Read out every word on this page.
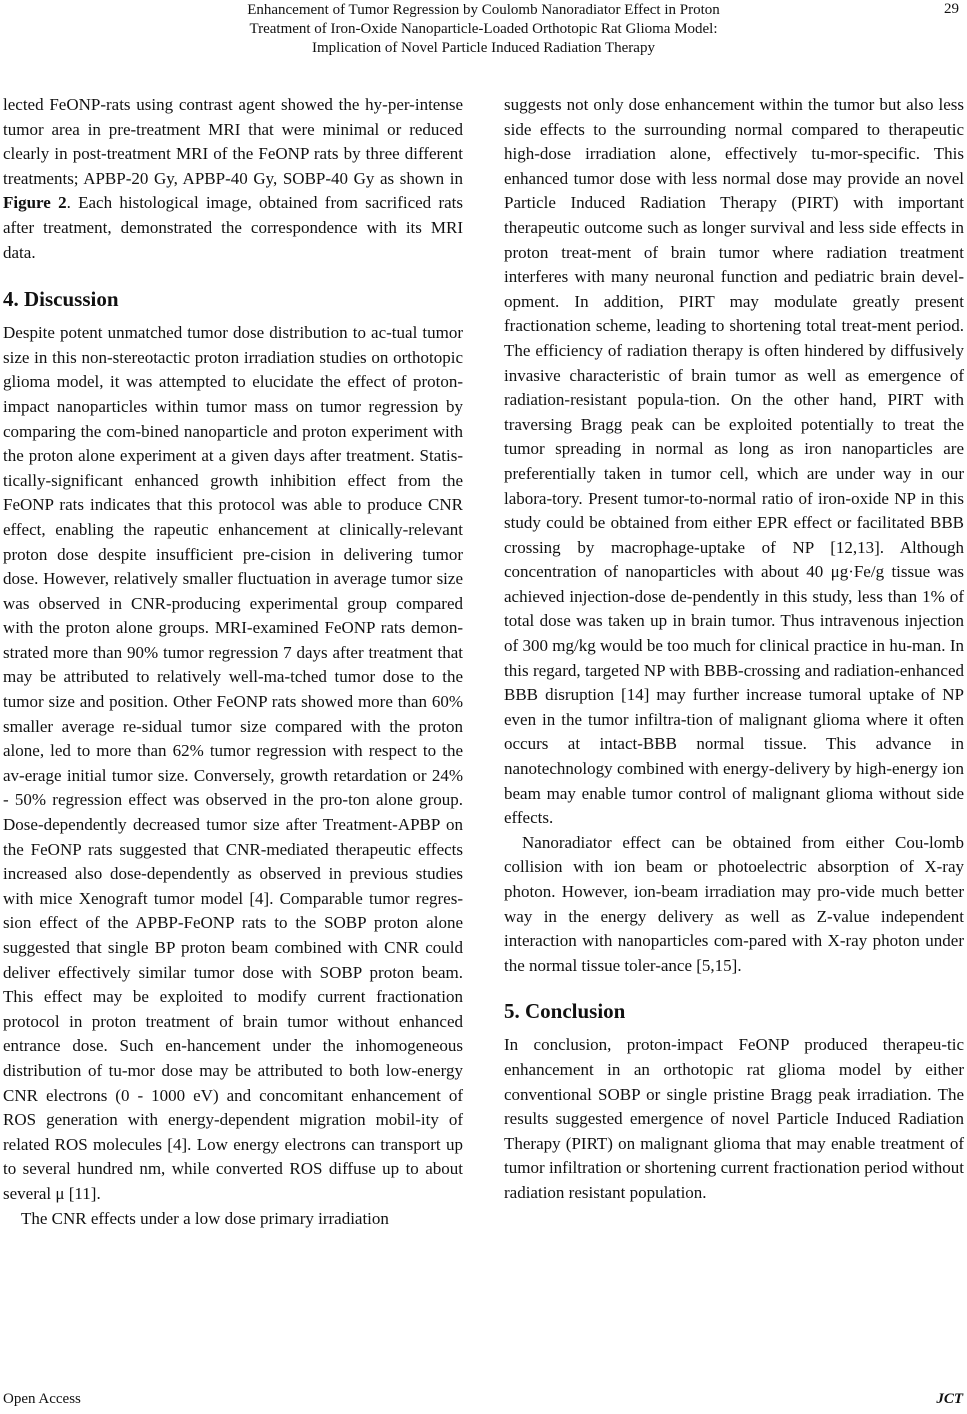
Enhancement of Tumor Regression by Coulomb Nanoradiator Effect in Proton
Treatment of Iron-Oxide Nanoparticle-Loaded Orthotopic Rat Glioma Model:
Implication of Novel Particle Induced Radiation Therapy
29

lected FeONP-rats using contrast agent showed the hy-per-intense tumor area in pre-treatment MRI that were minimal or reduced clearly in post-treatment MRI of the FeONP rats by three different treatments; APBP-20 Gy, APBP-40 Gy, SOBP-40 Gy as shown in Figure 2. Each histological image, obtained from sacrificed rats after treatment, demonstrated the correspondence with its MRI data.

4. Discussion

Despite potent unmatched tumor dose distribution to ac-tual tumor size in this non-stereotactic proton irradiation studies on orthotopic glioma model, it was attempted to elucidate the effect of proton-impact nanoparticles within tumor mass on tumor regression by comparing the com-bined nanoparticle and proton experiment with the proton alone experiment at a given days after treatment. Statis-tically-significant enhanced growth inhibition effect from the FeONP rats indicates that this protocol was able to produce CNR effect, enabling the rapeutic enhancement at clinically-relevant proton dose despite insufficient pre-cision in delivering tumor dose. However, relatively smaller fluctuation in average tumor size was observed in CNR-producing experimental group compared with the proton alone groups. MRI-examined FeONP rats demon-strated more than 90% tumor regression 7 days after treatment that may be attributed to relatively well-ma-tched tumor dose to the tumor size and position. Other FeONP rats showed more than 60% smaller average re-sidual tumor size compared with the proton alone, led to more than 62% tumor regression with respect to the av-erage initial tumor size. Conversely, growth retardation or 24% - 50% regression effect was observed in the pro-ton alone group. Dose-dependently decreased tumor size after Treatment-APBP on the FeONP rats suggested that CNR-mediated therapeutic effects increased also dose-dependently as observed in previous studies with mice Xenograft tumor model [4]. Comparable tumor regres-sion effect of the APBP-FeONP rats to the SOBP proton alone suggested that single BP proton beam combined with CNR could deliver effectively similar tumor dose with SOBP proton beam. This effect may be exploited to modify current fractionation protocol in proton treatment of brain tumor without enhanced entrance dose. Such en-hancement under the inhomogeneous distribution of tu-mor dose may be attributed to both low-energy CNR electrons (0 - 1000 eV) and concomitant enhancement of ROS generation with energy-dependent migration mobil-ity of related ROS molecules [4]. Low energy electrons can transport up to several hundred nm, while converted ROS diffuse up to about several μ [11].

The CNR effects under a low dose primary irradiation

suggests not only dose enhancement within the tumor but also less side effects to the surrounding normal compared to therapeutic high-dose irradiation alone, effectively tu-mor-specific. This enhanced tumor dose with less normal dose may provide an novel Particle Induced Radiation Therapy (PIRT) with important therapeutic outcome such as longer survival and less side effects in proton treat-ment of brain tumor where radiation treatment interferes with many neuronal function and pediatric brain devel-opment. In addition, PIRT may modulate greatly present fractionation scheme, leading to shortening total treat-ment period. The efficiency of radiation therapy is often hindered by diffusively invasive characteristic of brain tumor as well as emergence of radiation-resistant popula-tion. On the other hand, PIRT with traversing Bragg peak can be exploited potentially to treat the tumor spreading in normal as long as iron nanoparticles are preferentially taken in tumor cell, which are under way in our labora-tory. Present tumor-to-normal ratio of iron-oxide NP in this study could be obtained from either EPR effect or facilitated BBB crossing by macrophage-uptake of NP [12,13]. Although concentration of nanoparticles with about 40 μg·Fe/g tissue was achieved injection-dose de-pendently in this study, less than 1% of total dose was taken up in brain tumor. Thus intravenous injection of 300 mg/kg would be too much for clinical practice in hu-man. In this regard, targeted NP with BBB-crossing and radiation-enhanced BBB disruption [14] may further increase tumoral uptake of NP even in the tumor infiltra-tion of malignant glioma where it often occurs at intact-BBB normal tissue. This advance in nanotechnology combined with energy-delivery by high-energy ion beam may enable tumor control of malignant glioma without side effects.

Nanoradiator effect can be obtained from either Cou-lomb collision with ion beam or photoelectric absorption of X-ray photon. However, ion-beam irradiation may pro-vide much better way in the energy delivery as well as Z-value independent interaction with nanoparticles com-pared with X-ray photon under the normal tissue toler-ance [5,15].

5. Conclusion

In conclusion, proton-impact FeONP produced therapeu-tic enhancement in an orthotopic rat glioma model by either conventional SOBP or single pristine Bragg peak irradiation. The results suggested emergence of novel Particle Induced Radiation Therapy (PIRT) on malignant glioma that may enable treatment of tumor infiltration or shortening current fractionation period without radiation resistant population.

Open Access	JCT
